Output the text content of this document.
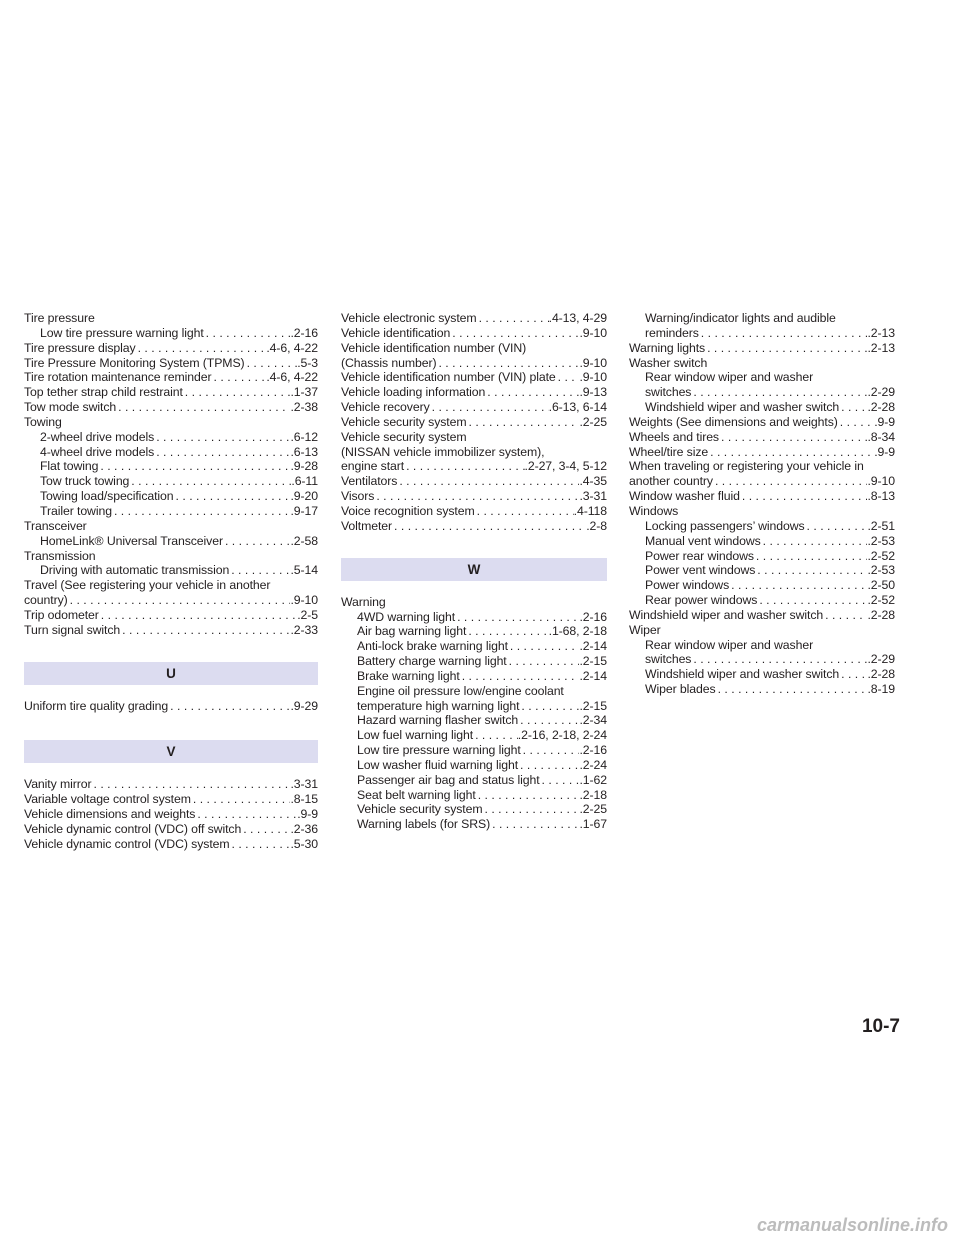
Tire pressure
Low tire pressure warning light . . .	.2-16
Tire pressure display . . .	.4-6, 4-22
Tire Pressure Monitoring System (TPMS) . . .	.5-3
Tire rotation maintenance reminder . . .	.4-6, 4-22
Top tether strap child restraint . . .	.1-37
Tow mode switch . . .	.2-38
Towing
2-wheel drive models . . .	.6-12
4-wheel drive models . . .	.6-13
Flat towing . . .	.9-28
Tow truck towing . . .	.6-11
Towing load/specification . . .	.9-20
Trailer towing . . .	.9-17
Transceiver
HomeLink® Universal Transceiver . . .	.2-58
Transmission
Driving with automatic transmission . . .	.5-14
Travel (See registering your vehicle in another
country) . . .	.9-10
Trip odometer . . .	.2-5
Turn signal switch . . .	.2-33
U
Uniform tire quality grading . . .	.9-29
V
Vanity mirror . . .	.3-31
Variable voltage control system . . .	.8-15
Vehicle dimensions and weights . . .	.9-9
Vehicle dynamic control (VDC) off switch . . .	.2-36
Vehicle dynamic control (VDC) system . . .	.5-30
Vehicle electronic system . . .	.4-13, 4-29
Vehicle identification . . .	.9-10
Vehicle identification number (VIN)
(Chassis number) . . .	.9-10
Vehicle identification number (VIN) plate . . . .9-10
Vehicle loading information . . .	.9-13
Vehicle recovery . . .	.6-13, 6-14
Vehicle security system . . .	.2-25
Vehicle security system
(NISSAN vehicle immobilizer system),
engine start . . .	.2-27, 3-4, 5-12
Ventilators . . .	.4-35
Visors . . .	.3-31
Voice recognition system . . .	.4-118
Voltmeter . . .	.2-8
W
Warning
4WD warning light . . .	.2-16
Air bag warning light . . .	.1-68, 2-18
Anti-lock brake warning light . . .	.2-14
Battery charge warning light . . .	.2-15
Brake warning light . . .	.2-14
Engine oil pressure low/engine coolant
temperature high warning light . . .	.2-15
Hazard warning flasher switch . . .	.2-34
Low fuel warning light . . .	.2-16, 2-18, 2-24
Low tire pressure warning light . . .	.2-16
Low washer fluid warning light . . .	.2-24
Passenger air bag and status light . . .	.1-62
Seat belt warning light . . .	.2-18
Vehicle security system . . .	.2-25
Warning labels (for SRS) . . .	.1-67
Warning/indicator lights and audible
reminders . . .	.2-13
Warning lights . . .	.2-13
Washer switch
Rear window wiper and washer
switches . . .	.2-29
Windshield wiper and washer switch . . . .2-28
Weights (See dimensions and weights) . . .	.9-9
Wheels and tires . . .	.8-34
Wheel/tire size . . .	.9-9
When traveling or registering your vehicle in
another country . . .	.9-10
Window washer fluid . . .	.8-13
Windows
Locking passengers’ windows . . .	.2-51
Manual vent windows . . .	.2-53
Power rear windows . . .	.2-52
Power vent windows . . .	.2-53
Power windows . . .	.2-50
Rear power windows . . .	.2-52
Windshield wiper and washer switch . . .	.2-28
Wiper
Rear window wiper and washer
switches . . .	.2-29
Windshield wiper and washer switch . . . .2-28
Wiper blades . . .	.8-19
10-7
carmanualsonline.info
